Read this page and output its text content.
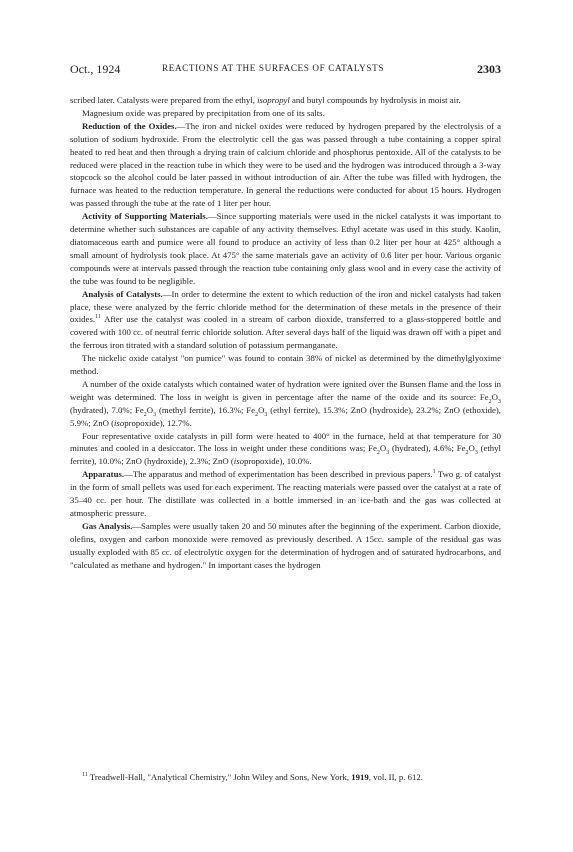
Oct., 1924	REACTIONS AT THE SURFACES OF CATALYSTS	2303

scribed later. Catalysts were prepared from the ethyl, isopropyl and butyl compounds by hydrolysis in moist air.

Magnesium oxide was prepared by precipitation from one of its salts.

Reduction of the Oxides.—The iron and nickel oxides were reduced by hydrogen prepared by the electrolysis of a solution of sodium hydroxide. From the electrolytic cell the gas was passed through a tube containing a copper spiral heated to red heat and then through a drying train of calcium chloride and phosphorus pentoxide. All of the catalysts to be reduced were placed in the reaction tube in which they were to be used and the hydrogen was introduced through a 3-way stopcock so the alcohol could be later passed in without introduction of air. After the tube was filled with hydrogen, the furnace was heated to the reduction temperature. In general the reductions were conducted for about 15 hours. Hydrogen was passed through the tube at the rate of 1 liter per hour.

Activity of Supporting Materials.—Since supporting materials were used in the nickel catalysts it was important to determine whether such substances are capable of any activity themselves. Ethyl acetate was used in this study. Kaolin, diatomaceous earth and pumice were all found to produce an activity of less than 0.2 liter per hour at 425° although a small amount of hydrolysis took place. At 475° the same materials gave an activity of 0.6 liter per hour. Various organic compounds were at intervals passed through the reaction tube containing only glass wool and in every case the activity of the tube was found to be negligible.

Analysis of Catalysts.—In order to determine the extent to which reduction of the iron and nickel catalysts had taken place, these were analyzed by the ferric chloride method for the determination of these metals in the presence of their oxides.$^{11}$ After use the catalyst was cooled in a stream of carbon dioxide, transferred to a glass-stoppered bottle and covered with 100 cc. of neutral ferric chloride solution. After several days half of the liquid was drawn off with a pipet and the ferrous iron titrated with a standard solution of potassium permanganate.

The nickelic oxide catalyst "on pumice" was found to contain 38% of nickel as determined by the dimethylglyoxime method.

A number of the oxide catalysts which contained water of hydration were ignited over the Bunsen flame and the loss in weight was determined. The loss in weight is given in percentage after the name of the oxide and its source: $Fe_2O_3$ (hydrated), 7.0%; $Fe_2O_3$ (methyl ferrite), 16.3%; $Fe_2O_3$ (ethyl ferrite), 15.3%; ZnO (hydroxide), 23.2%; ZnO (ethoxide), 5.9%; ZnO (isopropoxide), 12.7%.

Four representative oxide catalysts in pill form were heated to 400° in the furnace, held at that temperature for 30 minutes and cooled in a desiccator. The loss in weight under these conditions was; $Fe_2O_3$ (hydrated), 4.6%; $Fe_2O_3$ (ethyl ferrite), 10.0%; ZnO (hydroxide), 2.3%; ZnO (isopropoxide), 10.0%.

Apparatus.—The apparatus and method of experimentation has been described in previous papers.$^1$ Two g. of catalyst in the form of small pellets was used for each experiment. The reacting materials were passed over the catalyst at a rate of 35–40 cc. per hour. The distillate was collected in a bottle immersed in an ice-bath and the gas was collected at atmospheric pressure.

Gas Analysis.—Samples were usually taken 20 and 50 minutes after the beginning of the experiment. Carbon dioxide, olefins, oxygen and carbon monoxide were removed as previously described. A 15cc. sample of the residual gas was usually exploded with 85 cc. of electrolytic oxygen for the determination of hydrogen and of saturated hydrocarbons, and "calculated as methane and hydrogen." In important cases the hydrogen

$^{11}$ Treadwell-Hall, "Analytical Chemistry," John Wiley and Sons, New York, 1919, vol. II, p. 612.
